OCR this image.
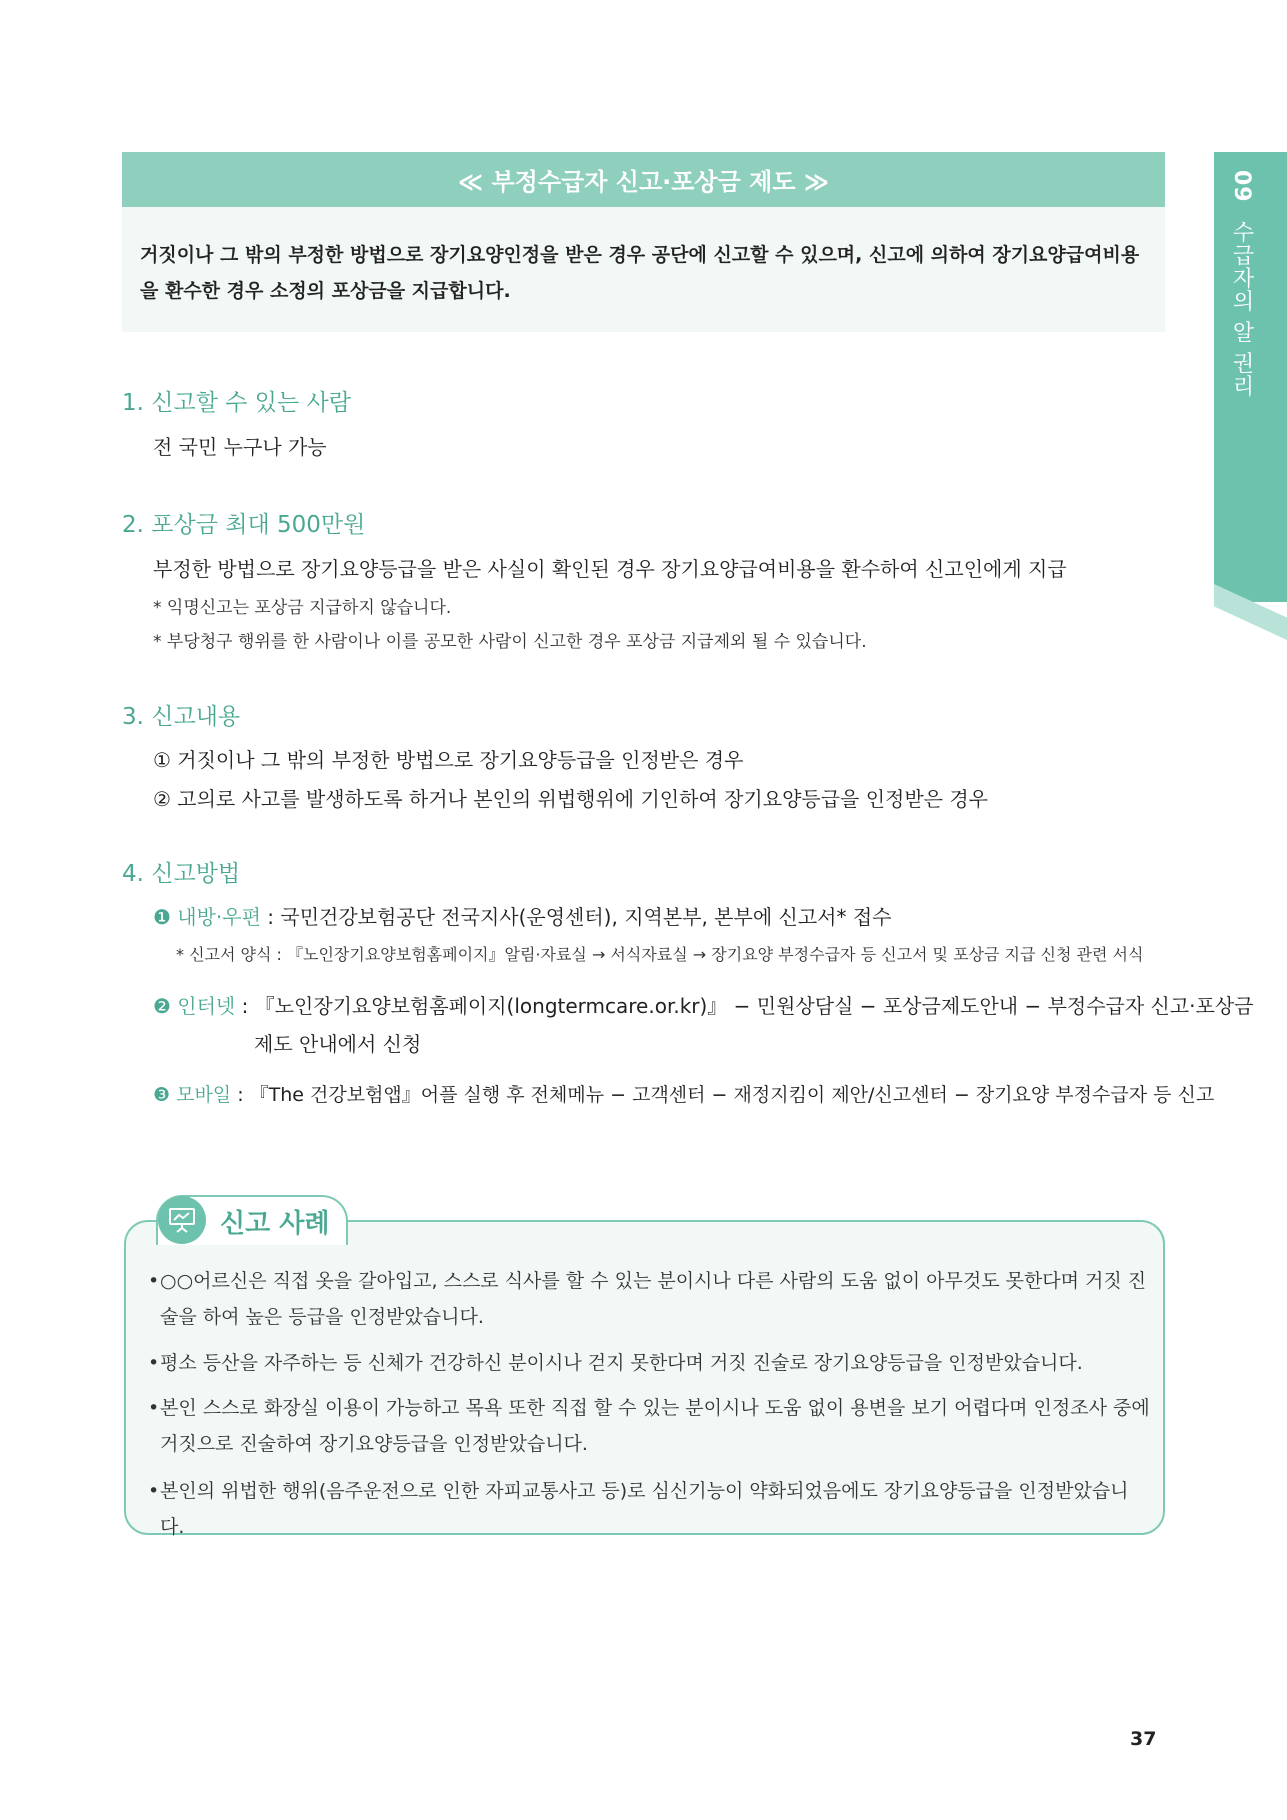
09 수급자의 알 권리
≪ 부정수급자 신고·포상금 제도 ≫
거짓이나 그 밖의 부정한 방법으로 장기요양인정을 받은 경우 공단에 신고할 수 있으며, 신고에 의하여 장기요양급여비용을 환수한 경우 소정의 포상금을 지급합니다.
1. 신고할 수 있는 사람
전 국민 누구나 가능
2. 포상금 최대 500만원
부정한 방법으로 장기요양등급을 받은 사실이 확인된 경우 장기요양급여비용을 환수하여 신고인에게 지급
* 익명신고는 포상금 지급하지 않습니다.
* 부당청구 행위를 한 사람이나 이를 공모한 사람이 신고한 경우 포상금 지급제외 될 수 있습니다.
3. 신고내용
① 거짓이나 그 밖의 부정한 방법으로 장기요양등급을 인정받은 경우
② 고의로 사고를 발생하도록 하거나 본인의 위법행위에 기인하여 장기요양등급을 인정받은 경우
4. 신고방법
❶ 내방·우편 : 국민건강보험공단 전국지사(운영센터), 지역본부, 본부에 신고서* 접수
* 신고서 양식 : 『노인장기요양보험홈페이지』알림·자료실 → 서식자료실 → 장기요양 부정수급자 등 신고서 및 포상금 지급 신청 관련 서식
❷ 인터넷 : 『노인장기요양보험홈페이지(longtermcare.or.kr)』 − 민원상담실 − 포상금제도안내 − 부정수급자 신고·포상금
제도 안내에서 신청
❸ 모바일 : 『The 건강보험앱』어플 실행 후 전체메뉴 − 고객센터 − 재정지킴이 제안/신고센터 − 장기요양 부정수급자 등 신고
신고 사례
• ○○어르신은 직접 옷을 갈아입고, 스스로 식사를 할 수 있는 분이시나 다른 사람의 도움 없이 아무것도 못한다며 거짓 진술을 하여 높은 등급을 인정받았습니다.
• 평소 등산을 자주하는 등 신체가 건강하신 분이시나 걷지 못한다며 거짓 진술로 장기요양등급을 인정받았습니다.
• 본인 스스로 화장실 이용이 가능하고 목욕 또한 직접 할 수 있는 분이시나 도움 없이 용변을 보기 어렵다며 인정조사 중에 거짓으로 진술하여 장기요양등급을 인정받았습니다.
• 본인의 위법한 행위(음주운전으로 인한 자피교통사고 등)로 심신기능이 약화되었음에도 장기요양등급을 인정받았습니다.
37
